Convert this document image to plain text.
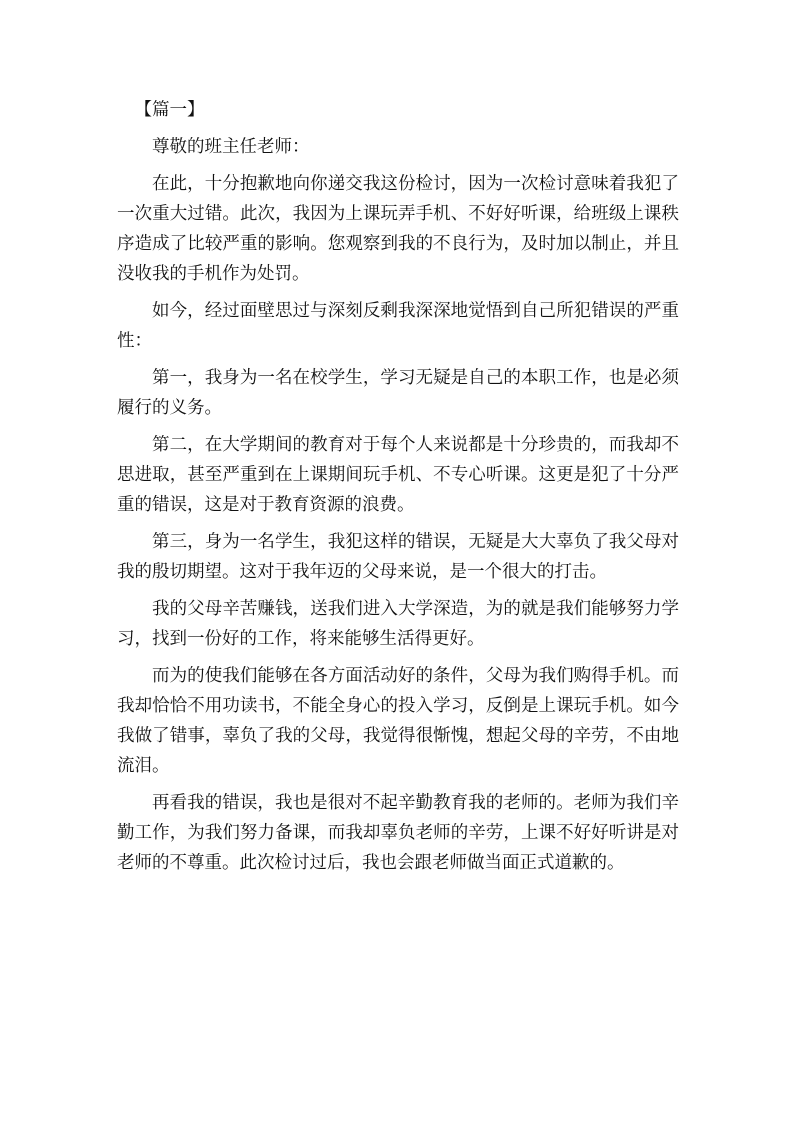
【篇一】

尊敬的班主任老师：

在此，十分抱歉地向你递交我这份检讨，因为一次检讨意味着我犯了一次重大过错。此次，我因为上课玩弄手机、不好好听课，给班级上课秩序造成了比较严重的影响。您观察到我的不良行为，及时加以制止，并且没收我的手机作为处罚。

如今，经过面壁思过与深刻反剩我深深地觉悟到自己所犯错误的严重性：

第一，我身为一名在校学生，学习无疑是自己的本职工作，也是必须履行的义务。

第二，在大学期间的教育对于每个人来说都是十分珍贵的，而我却不思进取，甚至严重到在上课期间玩手机、不专心听课。这更是犯了十分严重的错误，这是对于教育资源的浪费。

第三，身为一名学生，我犯这样的错误，无疑是大大辜负了我父母对我的殷切期望。这对于我年迈的父母来说，是一个很大的打击。

我的父母辛苦赚钱，送我们进入大学深造，为的就是我们能够努力学习，找到一份好的工作，将来能够生活得更好。

而为的使我们能够在各方面活动好的条件，父母为我们购得手机。而我却恰恰不用功读书，不能全身心的投入学习，反倒是上课玩手机。如今我做了错事，辜负了我的父母，我觉得很惭愧，想起父母的辛劳，不由地流泪。

再看我的错误，我也是很对不起辛勤教育我的老师的。老师为我们辛勤工作，为我们努力备课，而我却辜负老师的辛劳，上课不好好听讲是对老师的不尊重。此次检讨过后，我也会跟老师做当面正式道歉的。
